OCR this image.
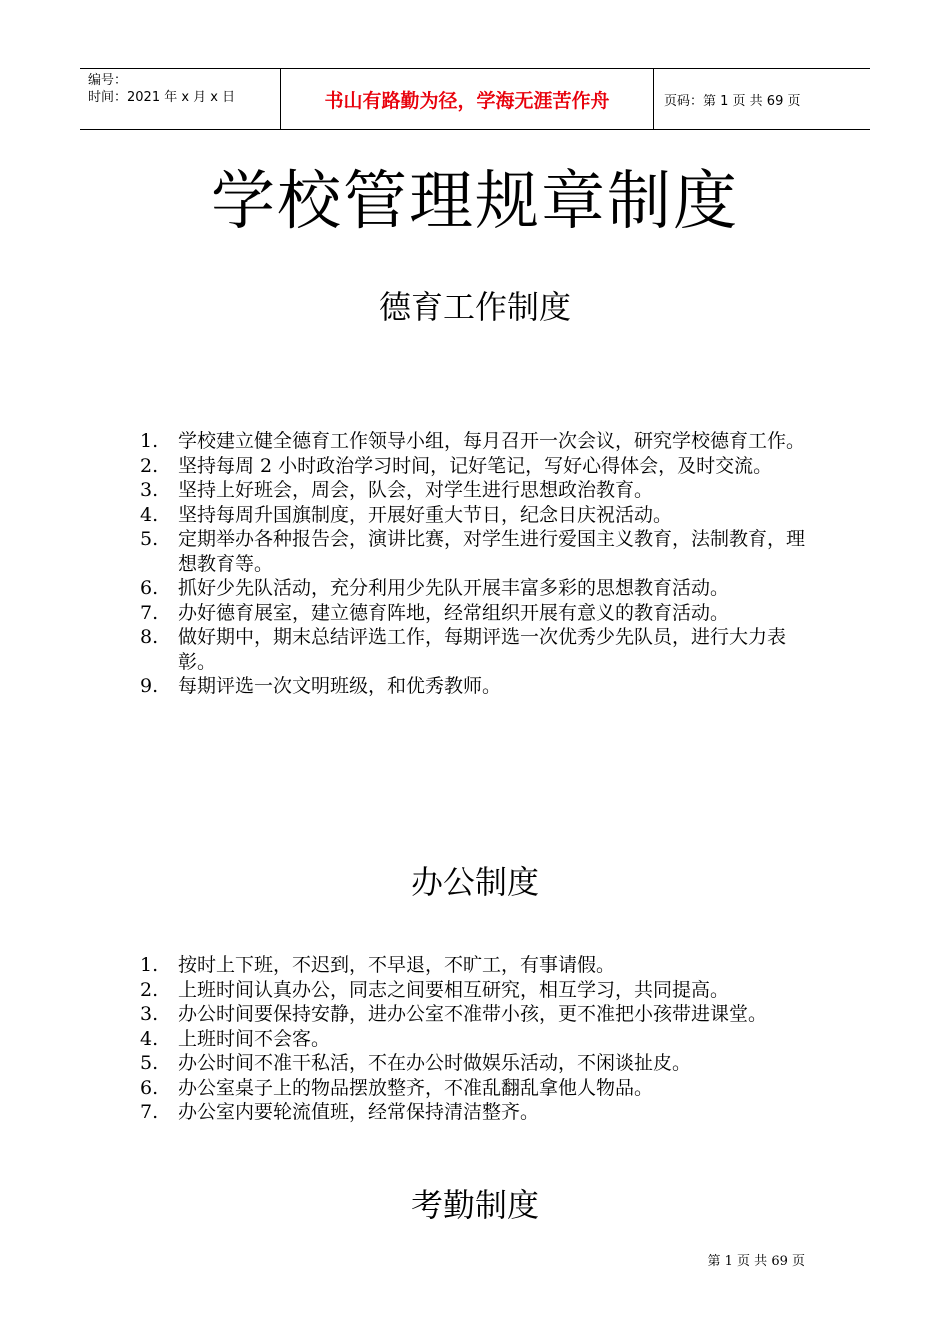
编号：
时间：2021 年 x 月 x 日	书山有路勤为径，学海无涯苦作舟	页码：第 1 页 共 69 页
学校管理规章制度
德育工作制度
1.	学校建立健全德育工作领导小组，每月召开一次会议，研究学校德育工作。
2.	坚持每周 2 小时政治学习时间，记好笔记，写好心得体会，及时交流。
3.	坚持上好班会，周会，队会，对学生进行思想政治教育。
4.	坚持每周升国旗制度，开展好重大节日，纪念日庆祝活动。
5.	定期举办各种报告会，演讲比赛，对学生进行爱国主义教育，法制教育，理想教育等。
6.	抓好少先队活动，充分利用少先队开展丰富多彩的思想教育活动。
7.	办好德育展室，建立德育阵地，经常组织开展有意义的教育活动。
8.	做好期中，期末总结评选工作，每期评选一次优秀少先队员，进行大力表彰。
9.	每期评选一次文明班级，和优秀教师。
办公制度
1.	按时上下班，不迟到，不早退，不旷工，有事请假。
2.	上班时间认真办公，同志之间要相互研究，相互学习，共同提高。
3.	办公时间要保持安静，进办公室不准带小孩，更不准把小孩带进课堂。
4.	上班时间不会客。
5.	办公时间不准干私活，不在办公时做娱乐活动，不闲谈扯皮。
6.	办公室桌子上的物品摆放整齐，不准乱翻乱拿他人物品。
7.	办公室内要轮流值班，经常保持清洁整齐。
考勤制度
第 1 页 共 69 页
